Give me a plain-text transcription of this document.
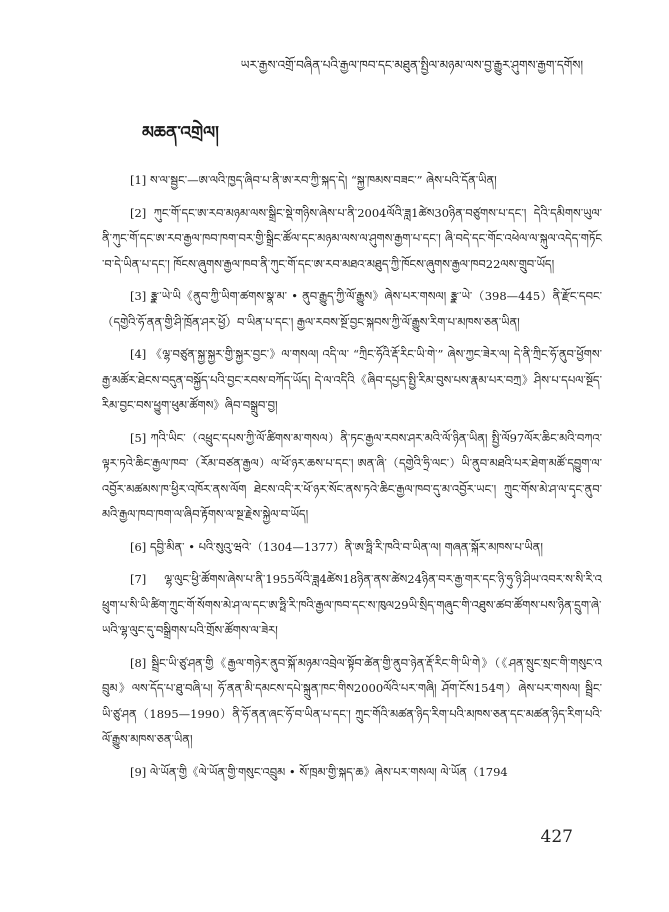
ཡར་རྒྱས་འགྲོ་བཞིན་པའི་རྒྱལ་ཁབ་དང་མཐུན་སྤྱིལ་མཉམ་ལས་བྱ་རྒྱུར་ཤུགས་རྒྱག་དགོས།
མཆན་འགྲེལ།

[1] ས་ལ་སྦྱང་—ཨ་ལའི་ཁྱད་ཞིབ་པ་ནི་ཨ་རབ་ཀྱི་སྐད་དེ། “སྐྱ་ཁམས་བཟང་” ཞེས་པའི་དོན་ཡིན།

[2] ཀུང་གོ་དང་ཨ་རབ་མཉམ་ལས་སྒྲིང་སྡེ་གཉིས་ཞེས་པ་ནི་2004ལོའི་ཟླ1ཚེས30ཉིན་བཙུགས་པ་དང་། དེའི་དམིགས་ཡུལ་ནི་ཀུང་གོ་དང་ཨ་རབ་རྒྱལ་ཁབ་ཁག་བར་གྱི་སྒྲིང་ཚོལ་དང་མཉམ་ལས་ལ་ཤུགས་རྒྱག་པ་དང་། ཞི་བདེ་དང་གོང་འཕེལ་ལ་སྐུལ་འདེད་གཏོང་བ་དེ་ཡིན་པ་དང་། ཁོངས་ཞུགས་རྒྱལ་ཁབ་ནི་ཀུང་གོ་དང་ཨ་རབ་མཐའ་མཐུད་ཀྱི་ཁོངས་ཞུགས་རྒྱལ་ཁབ22ལས་གྲུབ་ཡོད།

[3] རྩྣ་ཡེ་ཡི《ནུབ་ཀྱི་ཡིག་ཚགས་སྣ་མ་ • ནུབ་རྒྱུད་ཀྱི་ལོ་རྒྱུས》ཞེས་པར་གསལ། རྩྣ་ཡེ་（398—445）ནི་རྫོང་དབང་（དགྱེའི་ཧོ་ནན་གྱི་ཤི་ཁྲོན་ཤར་ཕྱོ）བ་ཡིན་པ་དང་། རྒྱལ་རབས་སྔོ་བྱང་སྐབས་ཀྱི་ལོ་རྒྱུས་རིག་པ་མཁས་ཅན་ཡིན།

[4] 《ལྷ་བཙུན་སྐྱ་སྐྱར་གྱི་སྐྱར་བྱང་》ལ་གསལ། འདི་ལ་ “ཀྲིང་ཧོའི་རྡོ་རིང་ཡི་གེ་” ཞེས་ཀྱང་ཟེར་ལ། དེ་ནི་ཀྲིང་ཧོ་ནུབ་ཕྱོགས་རྒྱ་མཚོར་ཐེངས་བདུན་བསྐྱོད་པའི་བྱང་རབས་བཀོད་ཡོད། དེ་ལ་འདིའི《ཞིབ་དཔྱད་སྤྱི་རིམ་བུས་པས་རྣམ་པར་བཀྲ》ཤིས་པ་དཔལ་སྔོད་རིམ་བྱང་བས་ཕྱུག་ཕུམ་ཚོགས》ཞིབ་བསྒྲུབ་བྱ།

[5] ཀའི་ཡིང་（འཕྲུང་དཔས་ཀྱི་ལོ་ཚིགས་མ་གསལ）ནི་ཏང་རྒྱལ་རབས་ཤར་མའི་ལོ་ཉིན་ཡིན། སྤྱི་ལོ97ལོར་ཆིང་མའི་བཀའ་ལྟར་ཏའེ་ཆིང་རྒྱལ་ཁབ་（རོམ་བཙན་རྒྱལ）ལ་ཕོ་ཉར་ཆས་པ་དང་། ཨན་ཞི་（དགྱེའི་ཧྲི་ལང་）ཡི་ནུབ་མཐའི་པར་ཐེག་མཚོ་དབྱུག་ལ་འབྱོར་མཚམས་ཁ་ཕྱིར་འཁོར་ནས་ལོག ཐེངས་འདི་ར་ཕོ་ཉར་སོང་ནས་ཏའེ་ཆིང་རྒྱལ་ཁབ་དུ་མ་འབྱོར་ཡང་། ཀྲུང་གོས་མེ་ཤ་ལ་དྭང་ནུབ་མའི་རྒྱལ་ཁབ་ཁག་ལ་ཞིབ་རྟོགས་ལ་སྔ་རྗེས་སྐྱེལ་བ་ཡོད།

[6] དབྱི་མིན་ • པའི་སུའུ་ཝའེ་（1304—1377）ནི་ཨ་ཧྥི་རི་ཁའི་བ་ཡིན་ལ། གཞན་སྐོར་མཁས་པ་ཡིན།

[7] ལྷ་ལུང་ཕྱི་ཚོགས་ཞེས་པ་ནི་1955ལོའི་ཟླ4ཚེས18ཉིན་ནས་ཚེས24ཉིན་བར་རྒྱ་གར་དང་ཉི་ཧུ་ཉི་ཤིཡ་འབར་ས་སི་རི་འཕྲུག་པ་སི་ཡི་ཚིག་ཀྲུང་གོ་སོགས་མེ་ཤ་ལ་དང་ཨ་ཧྥི་རི་ཁའི་རྒྱལ་ཁབ་དང་ས་ཁུལ29ཡི་སྲིད་གཞུང་གི་འཐུས་ཚབ་ཚོགས་པས་ཉིན་དྲུག་ཞེ་ཡའི་ལྷ་ལུང་དུ་བསྒྲིགས་པའི་གྲོས་ཚོགས་ལ་ཟེར།

[8] སྦྲིང་ཡི་ཙུ་ཤན་གྱི《རྒྱལ་གཉེར་ནུབ་སྐོ་མཉམ་འབྲེལ་སྟོབ་ཚེན་གྱི་ནུབ་ཉེན་རྡོ་རིང་གི་ཡི་གེ》（《ཤན་སྲུང་སྲང་གི་གསུང་འབྲུམ》ལས་དོད་པ་ཐུ་བཞི་པ། ཧོ་ནན་མི་དམངས་དཔེ་སྐྲུན་ཁང་གིས2000ལོའི་པར་གཞི། ཤོག་ངོས154ག）ཞེས་པར་གསལ། སྦྲིང་ཡི་ཙུ་ཤན（1895—1990）ནི་ཧོ་ནན་ཞང་ཧོ་བ་ཡིན་པ་དང་། ཀྲུང་གོའི་མཚན་ཉིད་རིག་པའི་མཁས་ཅན་དང་མཚན་ཉིད་རིག་པའི་ལོ་རྒྱུས་མཁས་ཅན་ཡིན།

[9] ལེ་ཡོན་གྱི《ལེ་ཡོན་གྱི་གསུང་འབྲུམ • སོ་ཁྲམ་གྱི་སྐད་ཆ》ཞེས་པར་གསལ། ལེ་ཡོན（1794

427
